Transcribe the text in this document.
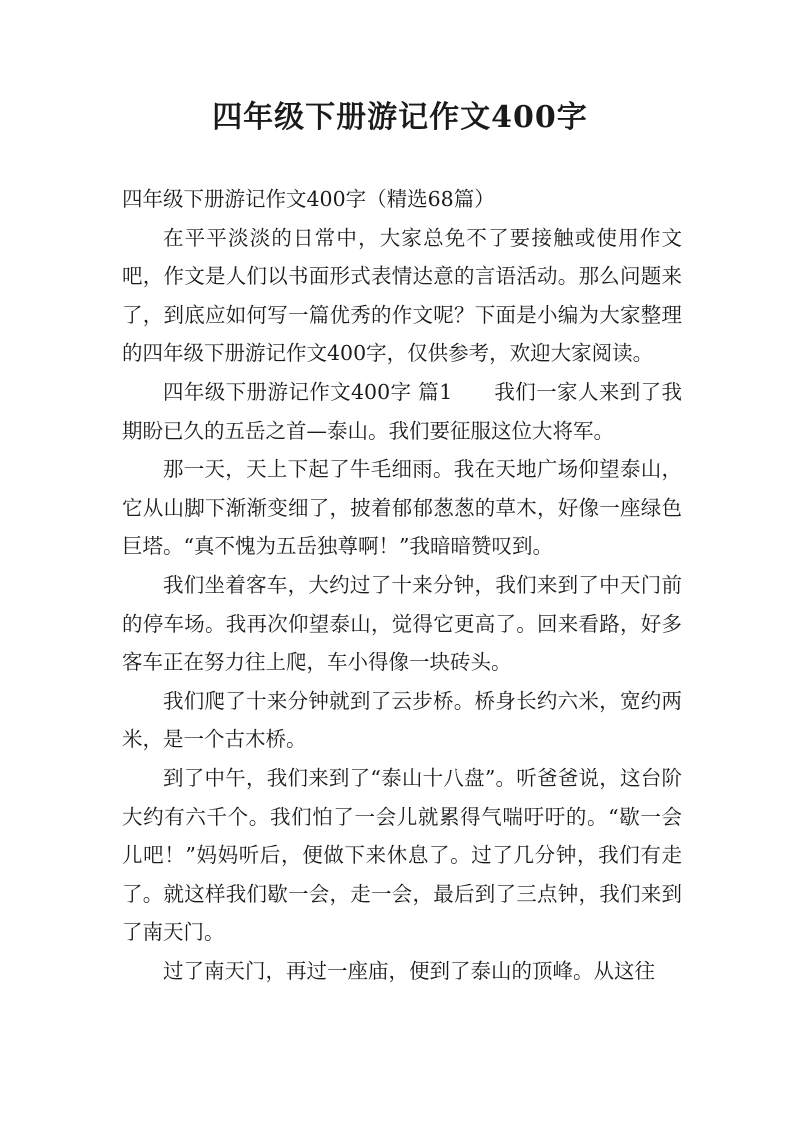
四年级下册游记作文400字

四年级下册游记作文400字（精选68篇）

在平平淡淡的日常中，大家总免不了要接触或使用作文吧，作文是人们以书面形式表情达意的言语活动。那么问题来了，到底应如何写一篇优秀的作文呢？下面是小编为大家整理的四年级下册游记作文400字，仅供参考，欢迎大家阅读。

四年级下册游记作文400字 篇1　　我们一家人来到了我期盼已久的五岳之首—泰山。我们要征服这位大将军。

那一天，天上下起了牛毛细雨。我在天地广场仰望泰山，它从山脚下渐渐变细了，披着郁郁葱葱的草木，好像一座绿色巨塔。“真不愧为五岳独尊啊！”我暗暗赞叹到。

我们坐着客车，大约过了十来分钟，我们来到了中天门前的停车场。我再次仰望泰山，觉得它更高了。回来看路，好多客车正在努力往上爬，车小得像一块砖头。

我们爬了十来分钟就到了云步桥。桥身长约六米，宽约两米，是一个古木桥。

到了中午，我们来到了“泰山十八盘”。听爸爸说，这台阶大约有六千个。我们怕了一会儿就累得气喘吁吁的。“歇一会儿吧！”妈妈听后，便做下来休息了。过了几分钟，我们有走了。就这样我们歇一会，走一会，最后到了三点钟，我们来到了南天门。

过了南天门，再过一座庙，便到了泰山的顶峰。从这往
